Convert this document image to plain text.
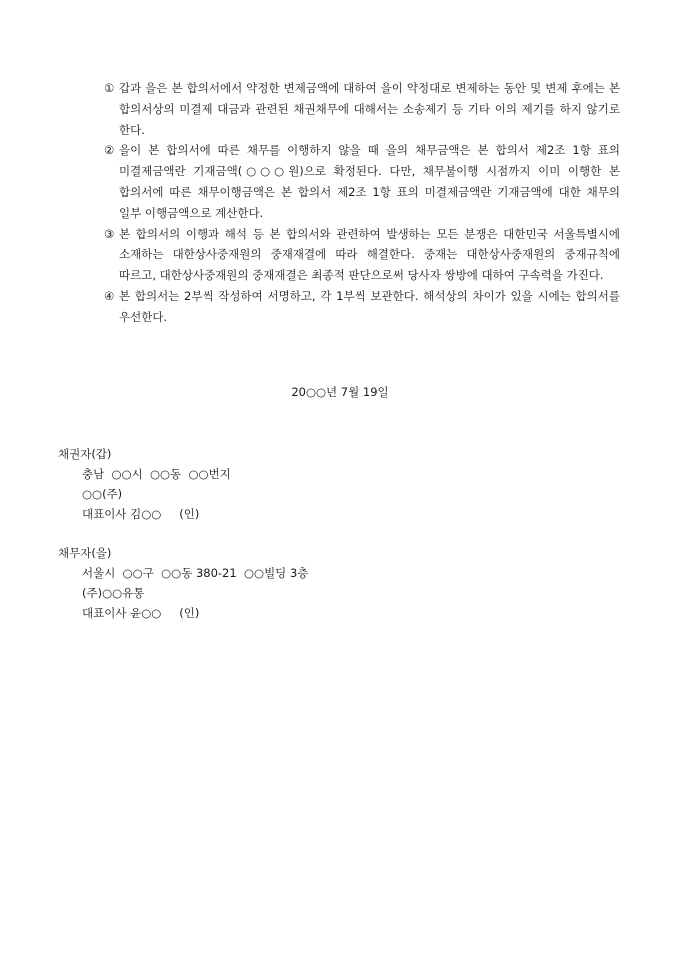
① 갑과 을은 본 합의서에서 약정한 변제금액에 대하여 을이 약정대로 변제하는 동안 및 변제 후에는 본 합의서상의 미결제 대금과 관련된 채권채무에 대해서는 소송제기 등 기타 이의 제기를 하지 않기로 한다.
② 을이 본 합의서에 따른 채무를 이행하지 않을 때 을의 채무금액은 본 합의서 제2조 1항 표의 미결제금액란 기재금액(○○○원)으로 확정된다. 다만, 채무불이행 시점까지 이미 이행한 본 합의서에 따른 채무이행금액은 본 합의서 제2조 1항 표의 미결제금액란 기재금액에 대한 채무의 일부 이행금액으로 계산한다.
③ 본 합의서의 이행과 해석 등 본 합의서와 관련하여 발생하는 모든 분쟁은 대한민국 서울특별시에 소재하는 대한상사중재원의 중재재결에 따라 해결한다. 중재는 대한상사중재원의 중재규칙에 따르고, 대한상사중재원의 중재재결은 최종적 판단으로써 당사자 쌍방에 대하여 구속력을 가진다.
④ 본 합의서는 2부씩 작성하여 서명하고, 각 1부씩 보관한다. 해석상의 차이가 있을 시에는 합의서를 우선한다.
20○○년 7월 19일
채권자(갑)
충남  ○○시  ○○동  ○○번지
○○(주)
대표이사 김○○ (인)
채무자(을)
서울시  ○○구  ○○동 380-21  ○○빌딩 3층
(주)○○유통
대표이사 윤○○ (인)
